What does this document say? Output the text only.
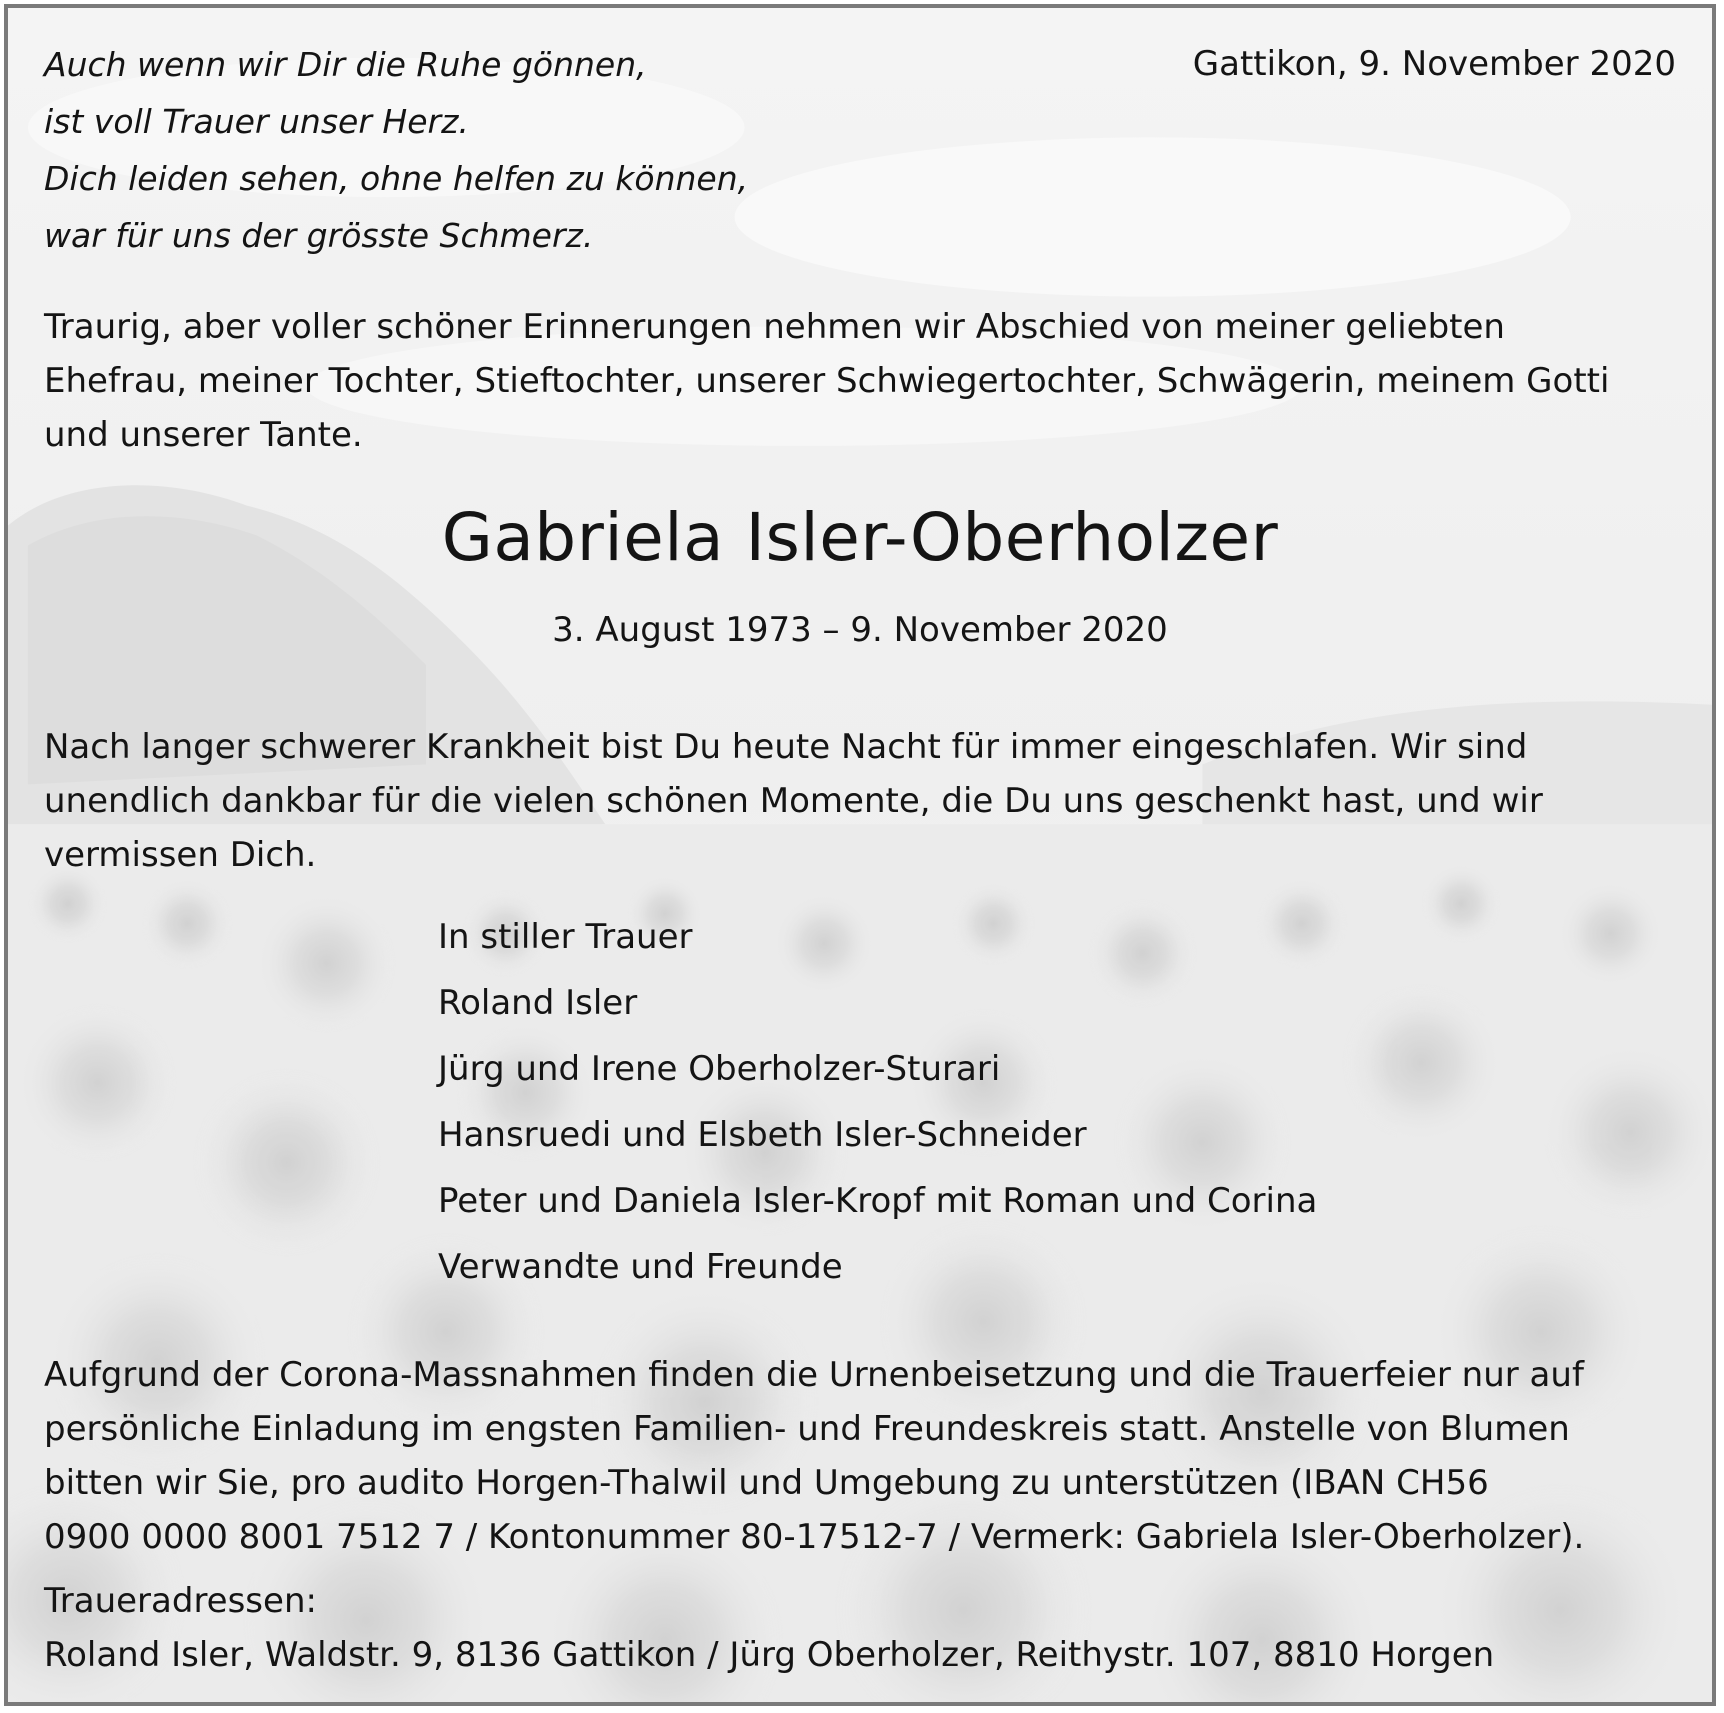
Auch wenn wir Dir die Ruhe gönnen,
ist voll Trauer unser Herz.
Dich leiden sehen, ohne helfen zu können,
war für uns der grösste Schmerz.

Gattikon, 9. November 2020

Traurig, aber voller schöner Erinnerungen nehmen wir Abschied von meiner geliebten
Ehefrau, meiner Tochter, Stieftochter, unserer Schwiegertochter, Schwägerin, meinem Gotti
und unserer Tante.

Gabriela Isler-Oberholzer

3. August 1973 – 9. November 2020

Nach langer schwerer Krankheit bist Du heute Nacht für immer eingeschlafen. Wir sind
unendlich dankbar für die vielen schönen Momente, die Du uns geschenkt hast, und wir
vermissen Dich.

In stiller Trauer
Roland Isler
Jürg und Irene Oberholzer-Sturari
Hansruedi und Elsbeth Isler-Schneider
Peter und Daniela Isler-Kropf mit Roman und Corina
Verwandte und Freunde

Aufgrund der Corona-Massnahmen finden die Urnenbeisetzung und die Trauerfeier nur auf
persönliche Einladung im engsten Familien- und Freundeskreis statt. Anstelle von Blumen
bitten wir Sie, pro audito Horgen-Thalwil und Umgebung zu unterstützen (IBAN CH56
0900 0000 8001 7512 7 / Kontonummer 80-17512-7 / Vermerk: Gabriela Isler-Oberholzer).

Traueradressen:

Roland Isler, Waldstr. 9, 8136 Gattikon / Jürg Oberholzer, Reithystr. 107, 8810 Horgen
